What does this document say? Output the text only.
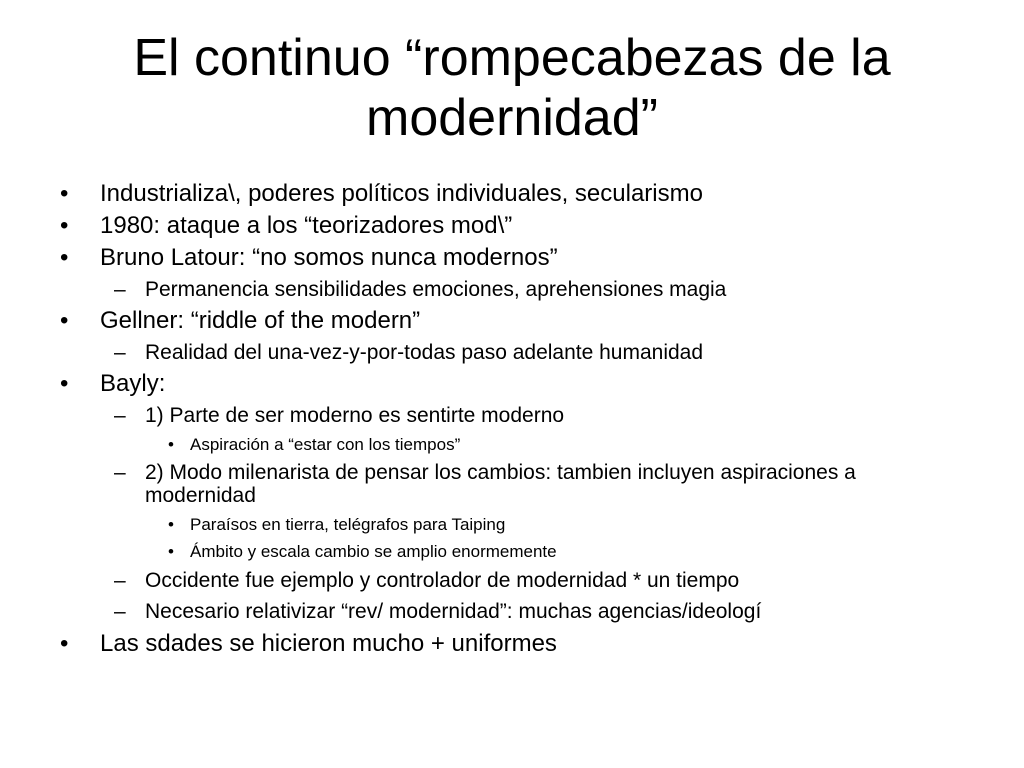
El continuo “rompecabezas de la
modernidad”
• Industrializa\, poderes políticos individuales, secularismo
• 1980: ataque a los “teorizadores mod\”
• Bruno Latour: “no somos nunca modernos”
– Permanencia sensibilidades emociones, aprehensiones magia
• Gellner: “riddle of the modern”
– Realidad del una-vez-y-por-todas paso adelante humanidad
• Bayly:
– 1) Parte de ser moderno es sentirte moderno
• Aspiración a “estar con los tiempos”
– 2) Modo milenarista de pensar los cambios: tambien incluyen aspiraciones a modernidad
• Paraísos en tierra, telégrafos para Taiping
• Ámbito y escala cambio se amplio enormemente
– Occidente fue ejemplo y controlador de modernidad * un tiempo
– Necesario relativizar “rev/ modernidad”: muchas agencias/ideologí
• Las sdades se hicieron mucho + uniformes
